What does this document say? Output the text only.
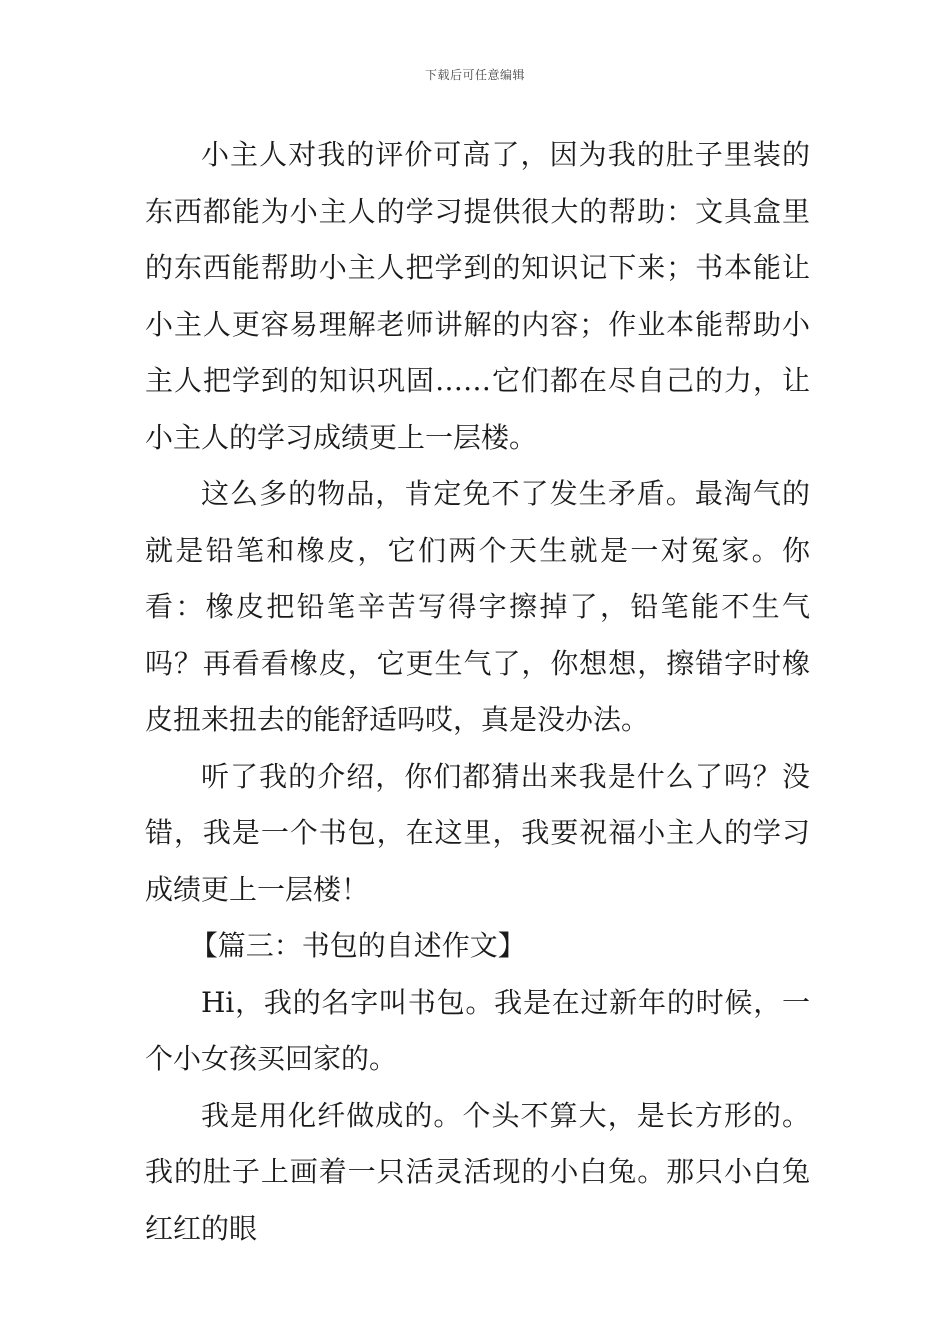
下载后可任意编辑

小主人对我的评价可高了，因为我的肚子里装的东西都能为小主人的学习提供很大的帮助：文具盒里的东西能帮助小主人把学到的知识记下来；书本能让小主人更容易理解老师讲解的内容；作业本能帮助小主人把学到的知识巩固……它们都在尽自己的力，让小主人的学习成绩更上一层楼。

这么多的物品，肯定免不了发生矛盾。最淘气的就是铅笔和橡皮，它们两个天生就是一对冤家。你看：橡皮把铅笔辛苦写得字擦掉了，铅笔能不生气吗？再看看橡皮，它更生气了，你想想，擦错字时橡皮扭来扭去的能舒适吗哎，真是没办法。

听了我的介绍，你们都猜出来我是什么了吗？没错，我是一个书包，在这里，我要祝福小主人的学习成绩更上一层楼！

【篇三：书包的自述作文】

Hi，我的名字叫书包。我是在过新年的时候，一个小女孩买回家的。

我是用化纤做成的。个头不算大，是长方形的。我的肚子上画着一只活灵活现的小白兔。那只小白兔红红的眼
